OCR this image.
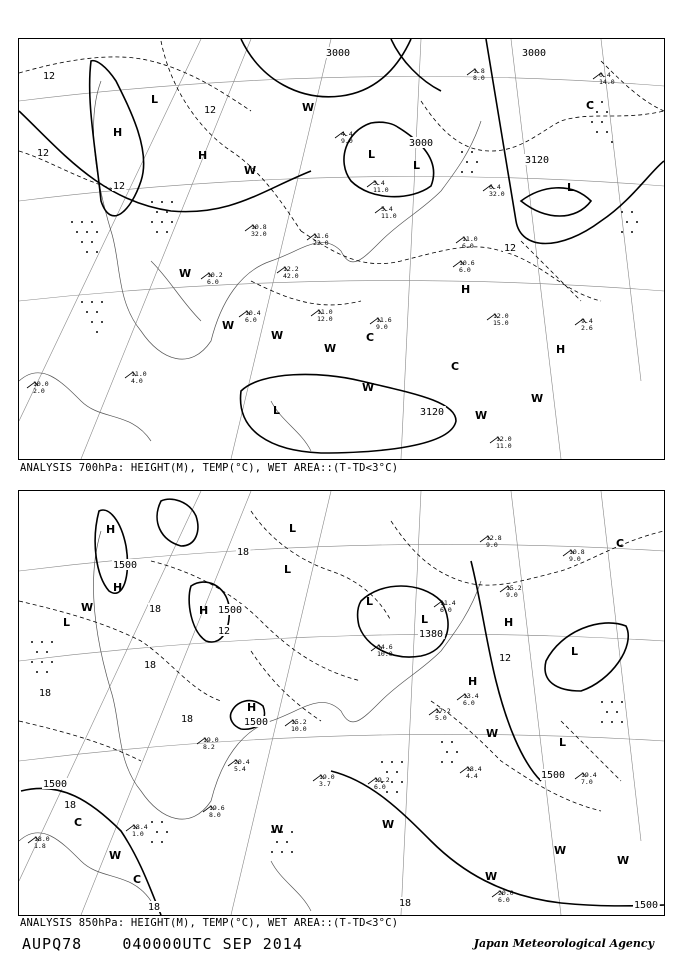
L
H
H	L
L
L
H
H
L
C
C
C
W
W
W
W
W
W
W
W
W
12
12
12
12
12
3000	3000
3000
3120
3120
4.4
9.0
3.4
11.0
5.4
11.0
10.8
32.0	11.6
22.0
12.2
42.0
10.2
6.0
10.4
6.0
11.0
12.0	11.6
9.0
11.0
6.0
10.6
6.0
12.0
15.0	9.4
2.6
11.0
4.0
12.0
11.0
10.0
2.0
1.8
8.0	0.4
14.0
6.4
32.0
ANALYSIS 700hPa: HEIGHT(M), TEMP(°C), WET AREA::(T-TD<3°C)
H
H
L
H
L
L
L
L	H
L
H
H
L
C
C
C
W
W
W
W
W
W
W
W
1500
1500
1500
1500
1500
1500
1380
18
18
18
18
18
18	18
18
12
12
14.6
10.0
11.4
6.0
15.2
9.0
13.4
6.0
18.4
4.4	19.4
7.0
19.2
6.0
19.0
3.7
20.4
5.4
19.6
8.0
15.2
10.0
18.0
1.8
20.0
6.0
12.8
9.0
10.8
9.0
17.2
5.0
19.0
8.2
18.4
1.0
ANALYSIS 850hPa: HEIGHT(M), TEMP(°C), WET AREA::(T-TD<3°C)
AUPQ78	040000UTC SEP 2014	Japan Meteorological Agency
